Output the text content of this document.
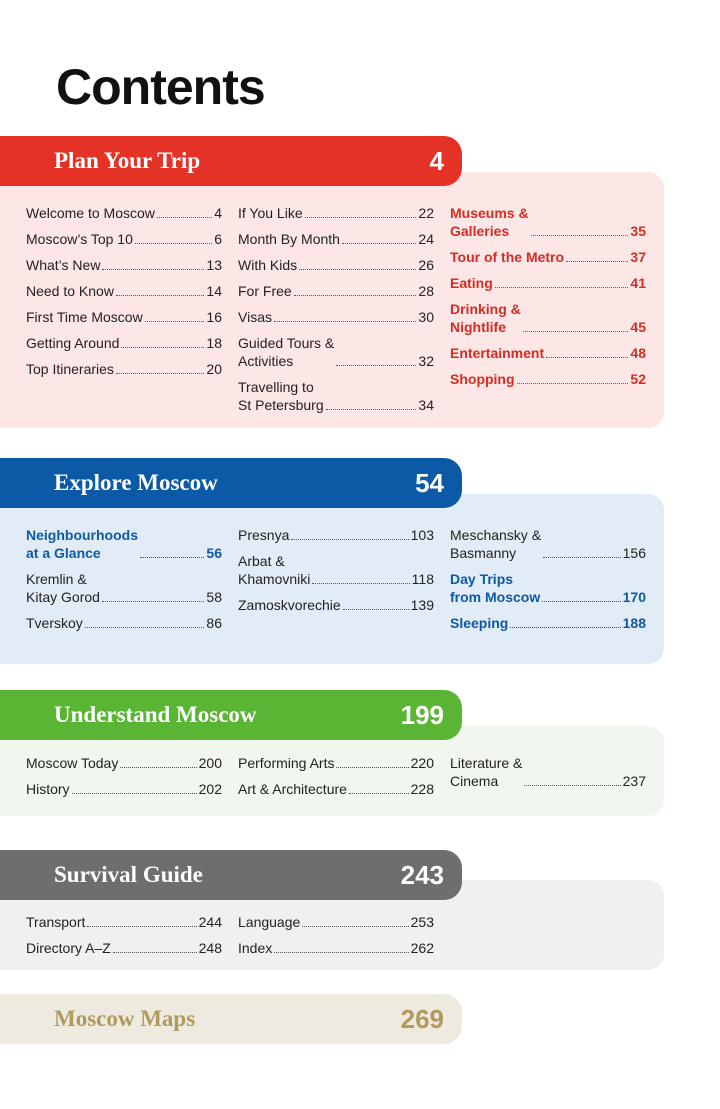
Contents
Plan Your Trip	4
Welcome to Moscow	4
Moscow’s Top 10	6
What’s New	13
Need to Know	14
First Time Moscow	16
Getting Around	18
Top Itineraries	20
If You Like	22
Month By Month	24
With Kids	26
For Free	28
Visas	30
Guided Tours &
Activities	32
Travelling to
St Petersburg	34
Museums &
Galleries	35
Tour of the Metro	37
Eating	41
Drinking &
Nightlife	45
Entertainment	48
Shopping	52
Explore Moscow	54
Neighbourhoods
at a Glance	56
Kremlin &
Kitay Gorod	58
Tverskoy	86
Presnya	103
Arbat &
Khamovniki	118
Zamoskvorechie	139
Meschansky &
Basmanny	156
Day Trips
from Moscow	170
Sleeping	188
Understand Moscow	199
Moscow Today	200
History	202
Performing Arts	220
Art & Architecture	228
Literature &
Cinema	237
Survival Guide	243
Transport	244
Directory A–Z	248
Language	253
Index	262
Moscow Maps	269
